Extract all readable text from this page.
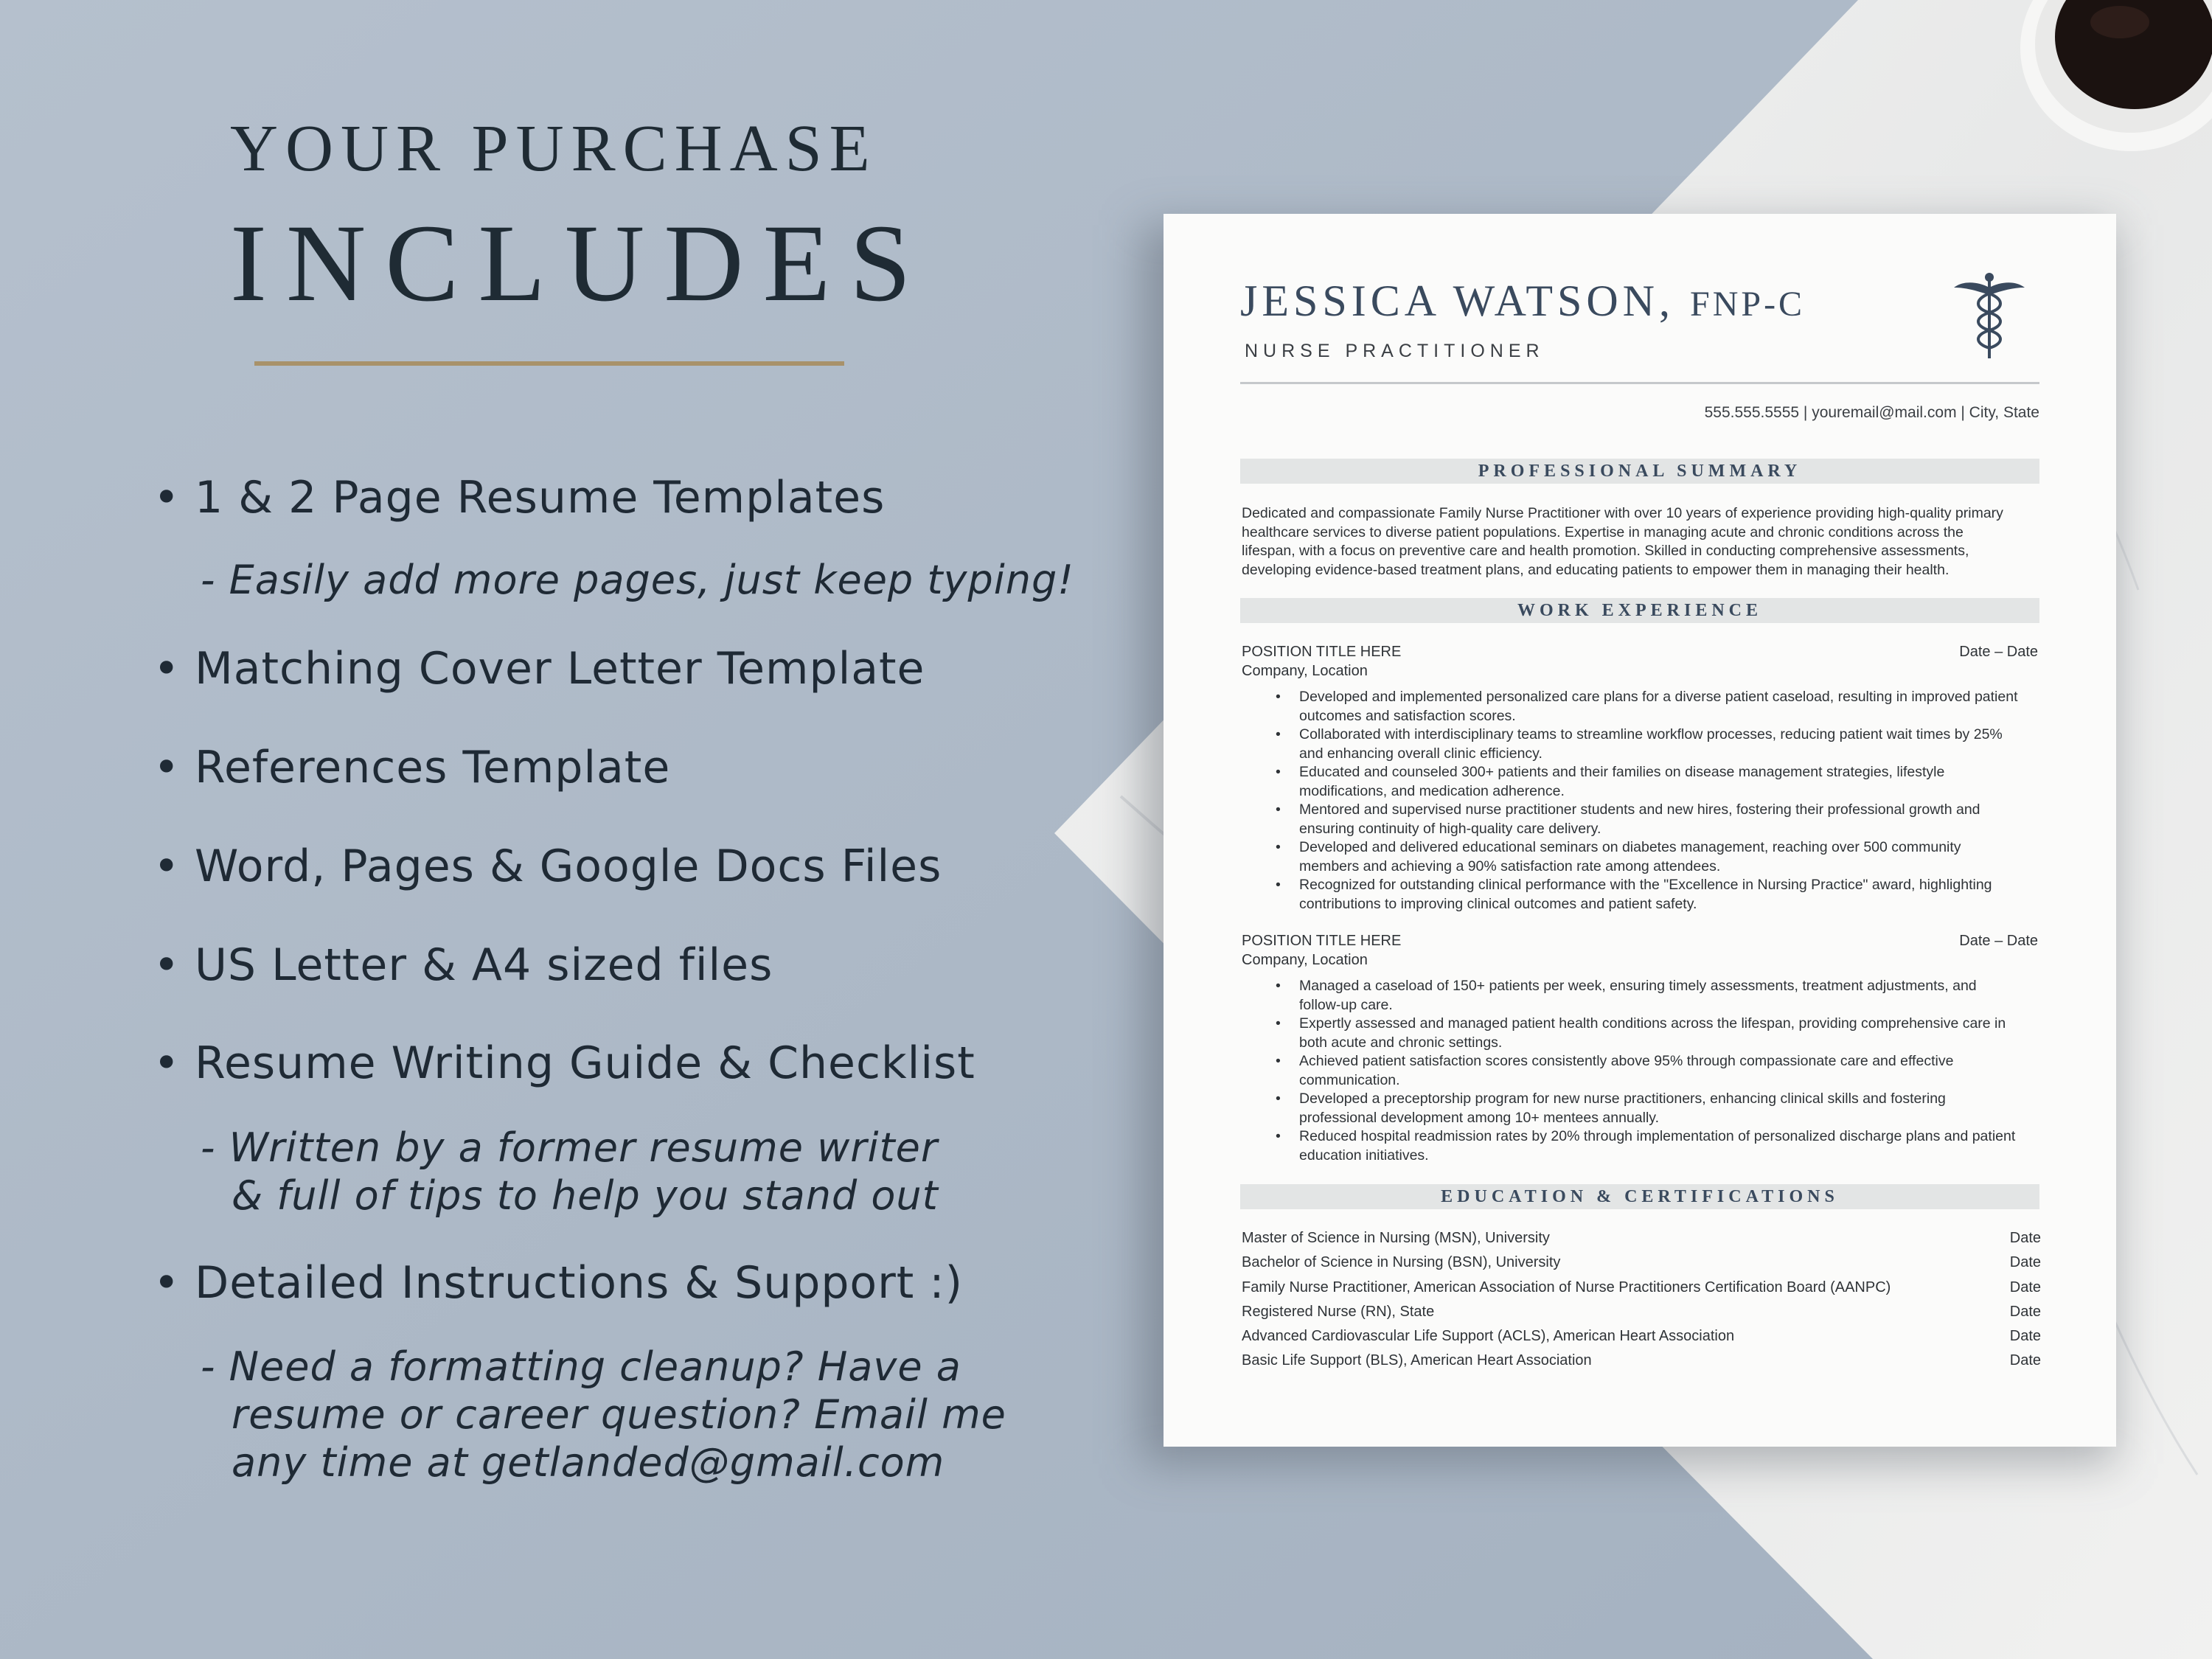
YOUR PURCHASE
INCLUDES
• 1 & 2 Page Resume Templates
- Easily add more pages, just keep typing!
• Matching Cover Letter Template
• References Template
• Word, Pages & Google Docs Files
• US Letter & A4 sized files
• Resume Writing Guide & Checklist
- Written by a former resume writer
& full of tips to help you stand out
• Detailed Instructions & Support :)
- Need a formatting cleanup? Have a
resume or career question? Email me
any time at getlanded@gmail.com
JESSICA WATSON, FNP-C
NURSE PRACTITIONER
555.555.5555 | youremail@mail.com | City, State
PROFESSIONAL SUMMARY
Dedicated and compassionate Family Nurse Practitioner with over 10 years of experience providing high-quality primary
healthcare services to diverse patient populations. Expertise in managing acute and chronic conditions across the
lifespan, with a focus on preventive care and health promotion. Skilled in conducting comprehensive assessments,
developing evidence-based treatment plans, and educating patients to empower them in managing their health.
WORK EXPERIENCE
POSITION TITLE HERE	Date – Date
Company, Location
• Developed and implemented personalized care plans for a diverse patient caseload, resulting in improved patient
outcomes and satisfaction scores.
• Collaborated with interdisciplinary teams to streamline workflow processes, reducing patient wait times by 25%
and enhancing overall clinic efficiency.
• Educated and counseled 300+ patients and their families on disease management strategies, lifestyle
modifications, and medication adherence.
• Mentored and supervised nurse practitioner students and new hires, fostering their professional growth and
ensuring continuity of high-quality care delivery.
• Developed and delivered educational seminars on diabetes management, reaching over 500 community
members and achieving a 90% satisfaction rate among attendees.
• Recognized for outstanding clinical performance with the "Excellence in Nursing Practice" award, highlighting
contributions to improving clinical outcomes and patient safety.
POSITION TITLE HERE	Date – Date
Company, Location
• Managed a caseload of 150+ patients per week, ensuring timely assessments, treatment adjustments, and
follow-up care.
• Expertly assessed and managed patient health conditions across the lifespan, providing comprehensive care in
both acute and chronic settings.
• Achieved patient satisfaction scores consistently above 95% through compassionate care and effective
communication.
• Developed a preceptorship program for new nurse practitioners, enhancing clinical skills and fostering
professional development among 10+ mentees annually.
• Reduced hospital readmission rates by 20% through implementation of personalized discharge plans and patient
education initiatives.
EDUCATION & CERTIFICATIONS
Master of Science in Nursing (MSN), University	Date
Bachelor of Science in Nursing (BSN), University	Date
Family Nurse Practitioner, American Association of Nurse Practitioners Certification Board (AANPC)	Date
Registered Nurse (RN), State	Date
Advanced Cardiovascular Life Support (ACLS), American Heart Association	Date
Basic Life Support (BLS), American Heart Association	Date
